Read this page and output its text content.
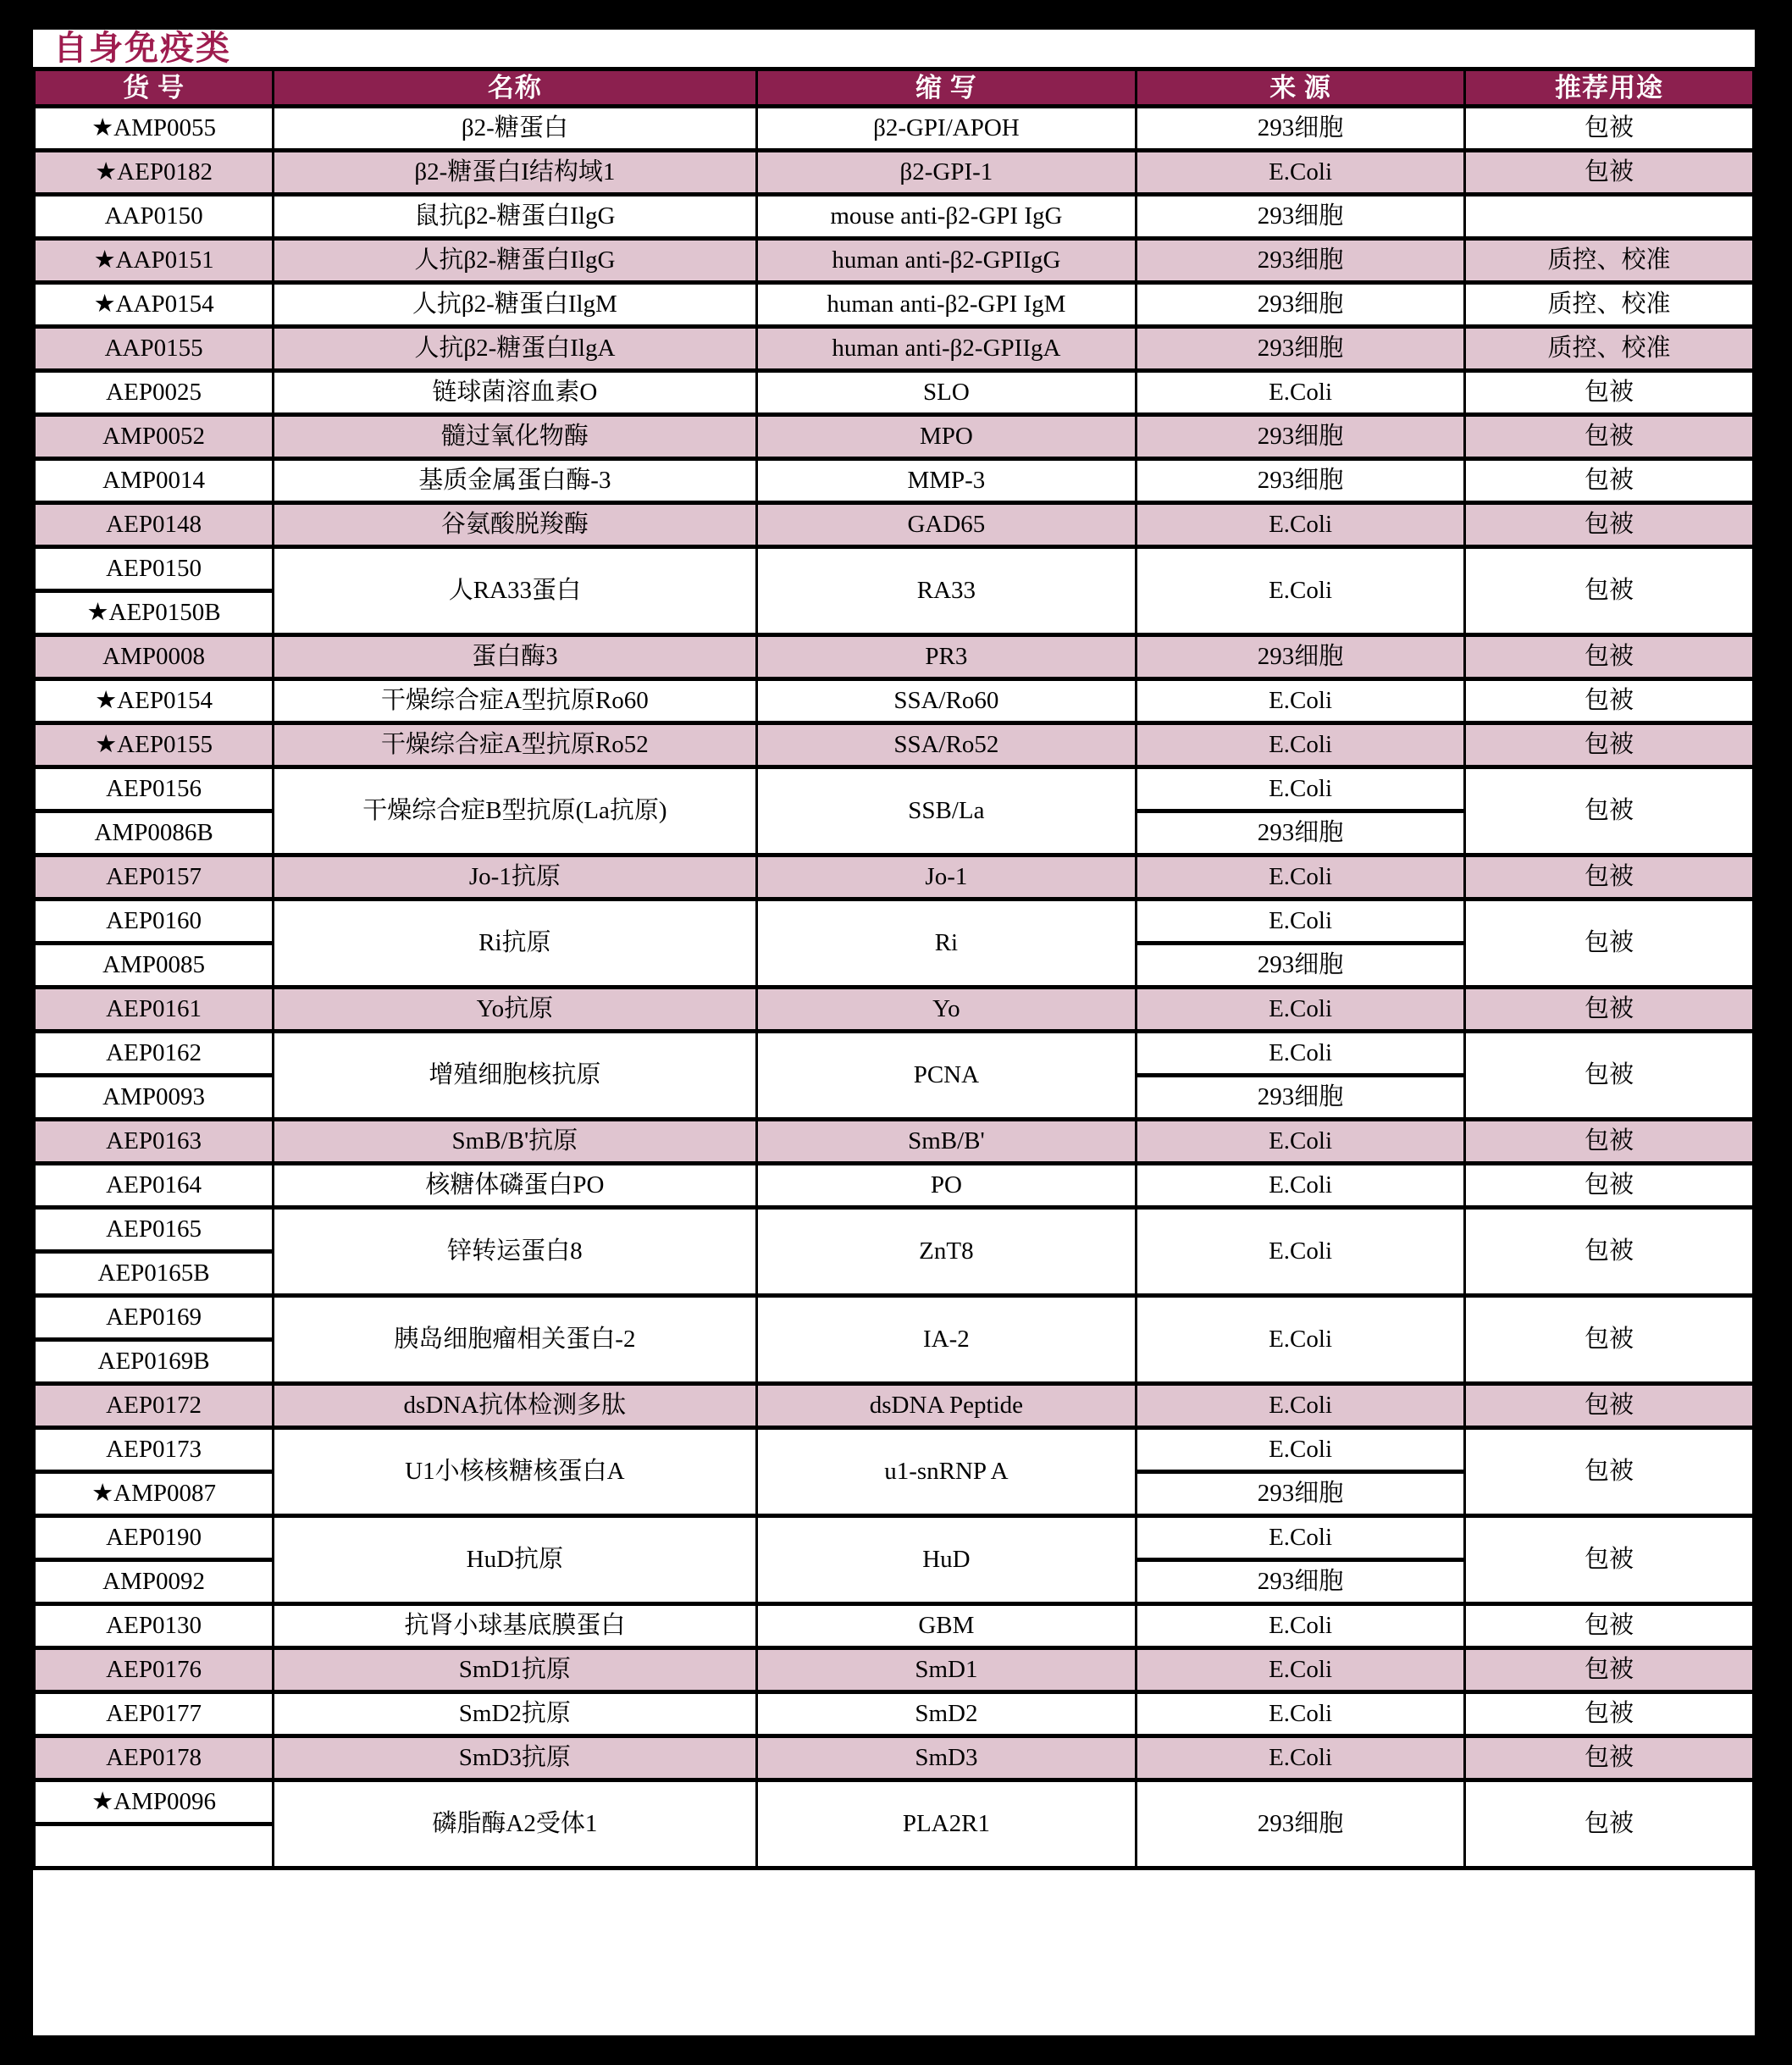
自身免疫类
货 号	名称	缩 写	来 源	推荐用途
★AMP0055	β2-糖蛋白	β2-GPI/APOH	293细胞	包被
★AEP0182	β2-糖蛋白I结构域1	β2-GPI-1	E.Coli	包被
AAP0150	鼠抗β2-糖蛋白IlgG	mouse anti-β2-GPI IgG	293细胞	
★AAP0151	人抗β2-糖蛋白IlgG	human anti-β2-GPIIgG	293细胞	质控、校准
★AAP0154	人抗β2-糖蛋白IlgM	human anti-β2-GPI IgM	293细胞	质控、校准
AAP0155	人抗β2-糖蛋白IlgA	human anti-β2-GPIIgA	293细胞	质控、校准
AEP0025	链球菌溶血素O	SLO	E.Coli	包被
AMP0052	髓过氧化物酶	MPO	293细胞	包被
AMP0014	基质金属蛋白酶-3	MMP-3	293细胞	包被
AEP0148	谷氨酸脱羧酶	GAD65	E.Coli	包被
AEP0150	人RA33蛋白	RA33	E.Coli	包被
★AEP0150B				
AMP0008	蛋白酶3	PR3	293细胞	包被
★AEP0154	干燥综合症A型抗原Ro60	SSA/Ro60	E.Coli	包被
★AEP0155	干燥综合症A型抗原Ro52	SSA/Ro52	E.Coli	包被
AEP0156	干燥综合症B型抗原(La抗原)	SSB/La	E.Coli	包被
AMP0086B			293细胞	
AEP0157	Jo-1抗原	Jo-1	E.Coli	包被
AEP0160	Ri抗原	Ri	E.Coli	包被
AMP0085			293细胞	
AEP0161	Yo抗原	Yo	E.Coli	包被
AEP0162	增殖细胞核抗原	PCNA	E.Coli	包被
AMP0093			293细胞	
AEP0163	SmB/B'抗原	SmB/B'	E.Coli	包被
AEP0164	核糖体磷蛋白PO	PO	E.Coli	包被
AEP0165	锌转运蛋白8	ZnT8	E.Coli	包被
AEP0165B				
AEP0169	胰岛细胞瘤相关蛋白-2	IA-2	E.Coli	包被
AEP0169B				
AEP0172	dsDNA抗体检测多肽	dsDNA Peptide	E.Coli	包被
AEP0173	U1小核核糖核蛋白A	u1-snRNP A	E.Coli	包被
★AMP0087			293细胞	
AEP0190	HuD抗原	HuD	E.Coli	包被
AMP0092			293细胞	
AEP0130	抗肾小球基底膜蛋白	GBM	E.Coli	包被
AEP0176	SmD1抗原	SmD1	E.Coli	包被
AEP0177	SmD2抗原	SmD2	E.Coli	包被
AEP0178	SmD3抗原	SmD3	E.Coli	包被
★AMP0096	磷脂酶A2受体1	PLA2R1	293细胞	包被
